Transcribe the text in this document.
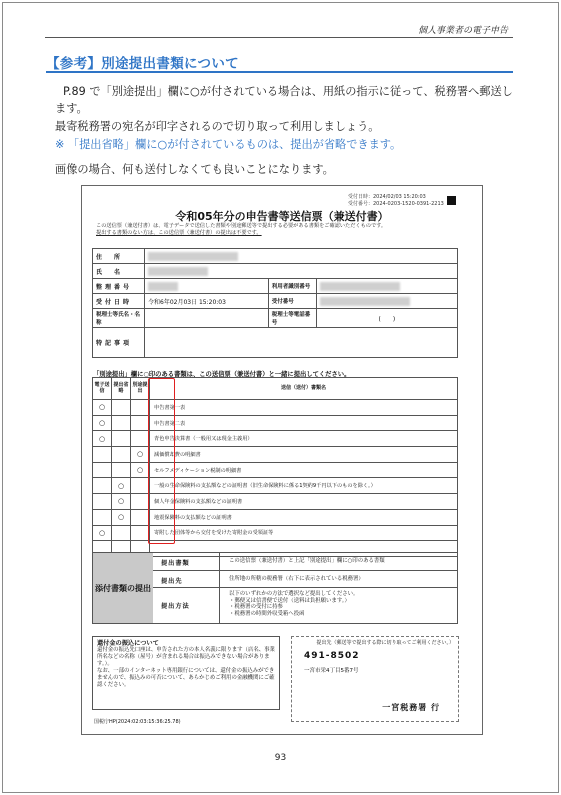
個人事業者の電子申告
【参考】別途提出書類について
P.89 で「別途提出」欄に○が付されている場合は、用紙の指示に従って、税務署へ郵送します。
最寄税務署の宛名が印字されるので切り取って利用しましょう。
※ 「提出省略」欄に○が付されているものは、提出が省略できます。
画像の場合、何も送付しなくても良いことになります。
受付日時：2024/02/03 15:20:03
受付番号：2024-0203-1520-0391-2213
令和05年分の申告書等送信票（兼送付書）
この送信票（兼送付書）は、電子データで送信した書類や別途郵送等で提出する必要がある書類をご確認いただくものです。
提出する書類のない方は、この送信票（兼送付書）の提出は不要です。
住　所			
氏　名			
整理番号		利用者識別番号	
受付日時	令和6年02月03日 15:20:03	受付番号	
税理士等氏名・名称		税理士等電話番号	(　　)
特記事項			
「別途提出」欄に○印のある書類は、この送信票（兼送付書）と一緒に提出してください。
電子送信	提出省略	別途提出	送信（送付）書類名
○			申告書第一表
○			申告書第二表
○			青色申告決算書（一般用又は現金主義用）
		○	減価償却費の明細書
		○	セルフメディケーション税制の明細書
	○		一般の生命保険料の支払額などの証明書（旧生命保険料に係る1契約9千円以下のものを除く。）
	○		個人年金保険料の支払額などの証明書
	○		地震保険料の支払額などの証明書
○			寄附した団体等から交付を受けた寄附金の受領証等

添付書類の提出
提出書類	この送信票（兼送付書）と上記「別途提出」欄に○印のある書類
提出先	住所地の所轄の税務署（右下に表示されている税務署）
提出方法
以下のいずれかの方法で選択など提出してください。
・郵便又は信書便で送付（送料は負担願います。）
・税務署の受付に持参
・税務署の時間外収受箱へ投函
還付金の振込について
還付金の振込先口座は、申告された方の本人名義に限ります（店名、事業所名などの名称（屋号）が含まれる場合は振込みできない場合があります。）。
なお、一部のインターネット専用銀行については、還付金の振込みができませんので、振込みの可否について、あらかじめご利用の金融機関にご確認ください。
提出先（郵送等で提出する際に切り取ってご利用ください。）
491-8502
一宮市栄4丁目5番7号
一宮税務署 行
国税庁HP(2024:02:03:15:36:25.78)
93
